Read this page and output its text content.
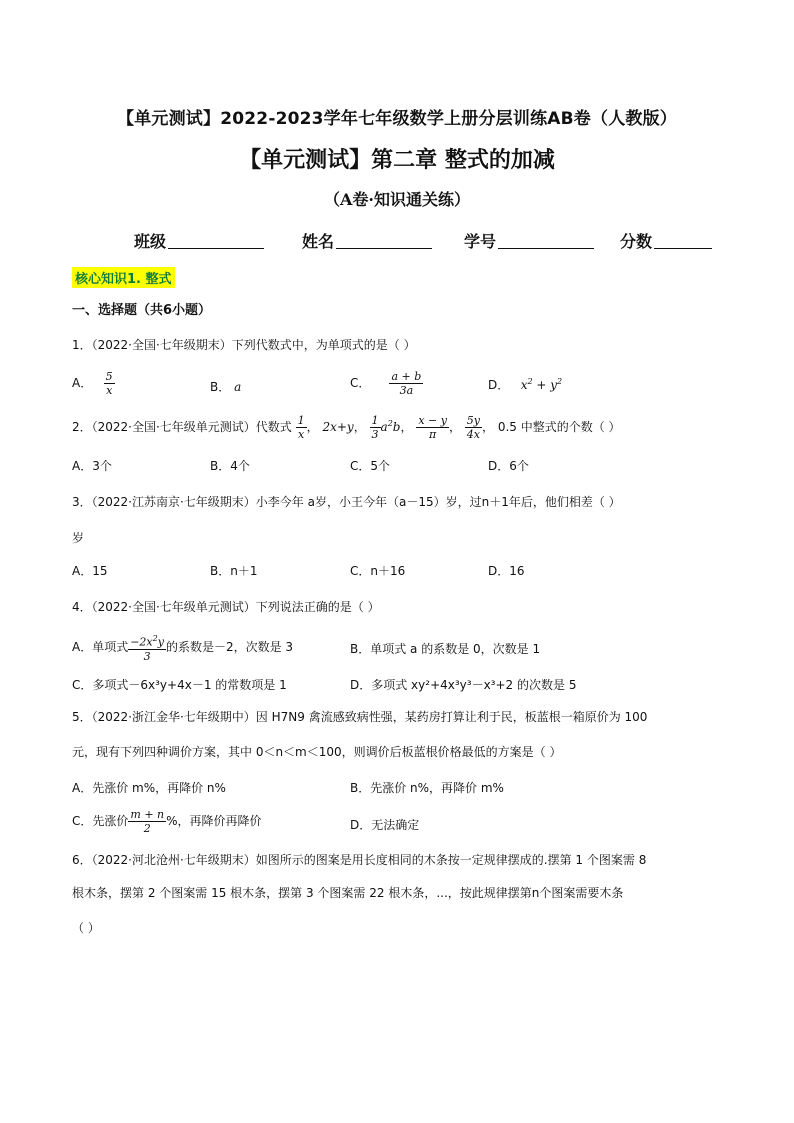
【单元测试】2022-2023学年七年级数学上册分层训练AB卷（人教版）
【单元测试】第二章 整式的加减
（A卷·知识通关练）
班级	姓名	学号	分数
核心知识1. 整式
一、选择题（共6小题）
1．（2022·全国·七年级期末）下列代数式中，为单项式的是（ ）
A． $\frac{5}{x}$	B． a	C． $\frac{a + b}{3a}$	D． $x^2 + y^2$
2．（2022·全国·七年级单元测试）代数式 $\frac{1}{x}$ ， 2x+y， $\frac{1}{3} a^2b$， $\frac{x - y}{\pi}$ ， $\frac{5y}{4x}$ ， 0.5 中整式的个数（ ）
A．3个	B．4个	C．5个	D．6个
3．（2022·江苏南京·七年级期末）小李今年 a岁，小王今年（a－15）岁，过n＋1年后，他们相差（ ）
岁
A．15	B．n＋1	C．n＋16	D．16
4．（2022·全国·七年级单元测试）下列说法正确的是（ ）
A．单项式 $\frac{-2x^2y}{3}$ 的系数是－2，次数是 3	B．单项式 a 的系数是 0，次数是 1
C．多项式－6x³y+4x－1 的常数项是 1	D．多项式 xy²+4x³y³－x³+2 的次数是 5
5．（2022·浙江金华·七年级期中）因 H7N9 禽流感致病性强，某药房打算让利于民，板蓝根一箱原价为 100
元，现有下列四种调价方案，其中 0＜n＜m＜100，则调价后板蓝根价格最低的方案是（ ）
A．先涨价 m%，再降价 n%	B．先涨价 n%，再降价 m%
C．先涨价 $\frac{m + n}{2}$ %，再降价再降价	D．无法确定
6．（2022·河北沧州·七年级期末）如图所示的图案是用长度相同的木条按一定规律摆成的.摆第 1 个图案需 8
根木条，摆第 2 个图案需 15 根木条，摆第 3 个图案需 22 根木条，...，按此规律摆第n个图案需要木条
（ ）
